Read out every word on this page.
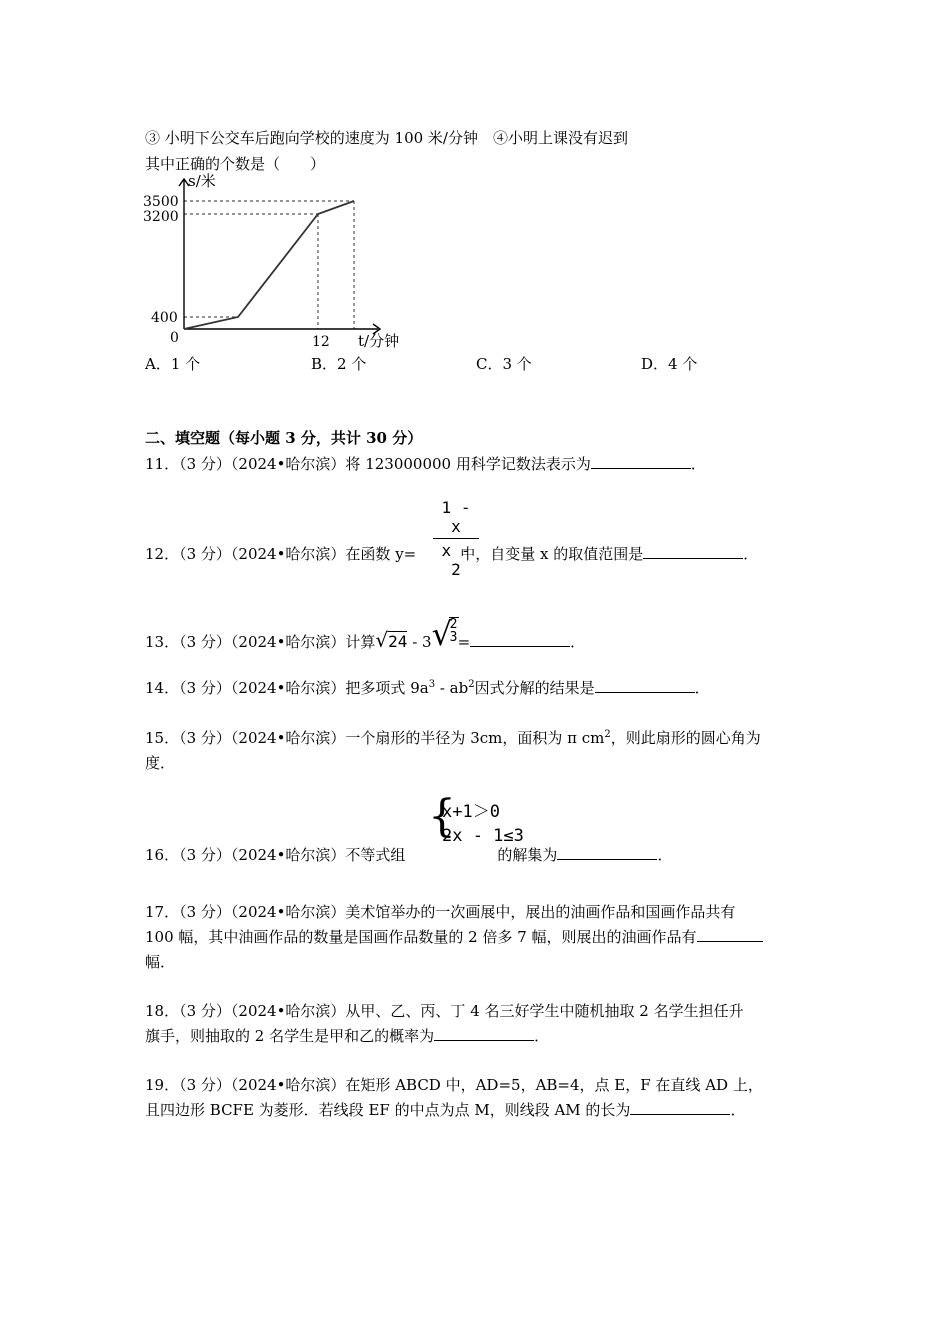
③ 小明下公交车后跑向学校的速度为 100 米/分钟　④小明上课没有迟到
其中正确的个数是（　　）
s/米
3500
3200
400
0	12 t/分钟
A．1 个	B．2 个	C．3 个	D．4 个
二、填空题（每小题 3 分，共计 30 分）
11．（3 分）（2024•哈尔滨）将 123000000 用科学记数法表示为	．
1 - x
x - 2
12．（3 分）（2024•哈尔滨）在函数 y=	中，自变量 x 的取值范围是	．
13．（3 分）（2024•哈尔滨）计算√24 - 3 √
2
3 =	．
14．（3 分）（2024•哈尔滨）把多项式 $9a^3 - ab^2$因式分解的结果是	．
15．（3 分）（2024•哈尔滨）一个扇形的半径为 3cm，面积为 π $cm^2$，则此扇形的圆心角为
度．
{
x+1＞0
2x - 1≤3
16．（3 分）（2024•哈尔滨）不等式组	的解集为	．
17．（3 分）（2024•哈尔滨）美术馆举办的一次画展中，展出的油画作品和国画作品共有
100 幅，其中油画作品的数量是国画作品数量的 2 倍多 7 幅，则展出的油画作品有
幅．
18．（3 分）（2024•哈尔滨）从甲、乙、丙、丁 4 名三好学生中随机抽取 2 名学生担任升
旗手，则抽取的 2 名学生是甲和乙的概率为	．
19．（3 分）（2024•哈尔滨）在矩形 ABCD 中，AD=5，AB=4，点 E，F 在直线 AD 上，
且四边形 BCFE 为菱形．若线段 EF 的中点为点 M，则线段 AM 的长为	．
